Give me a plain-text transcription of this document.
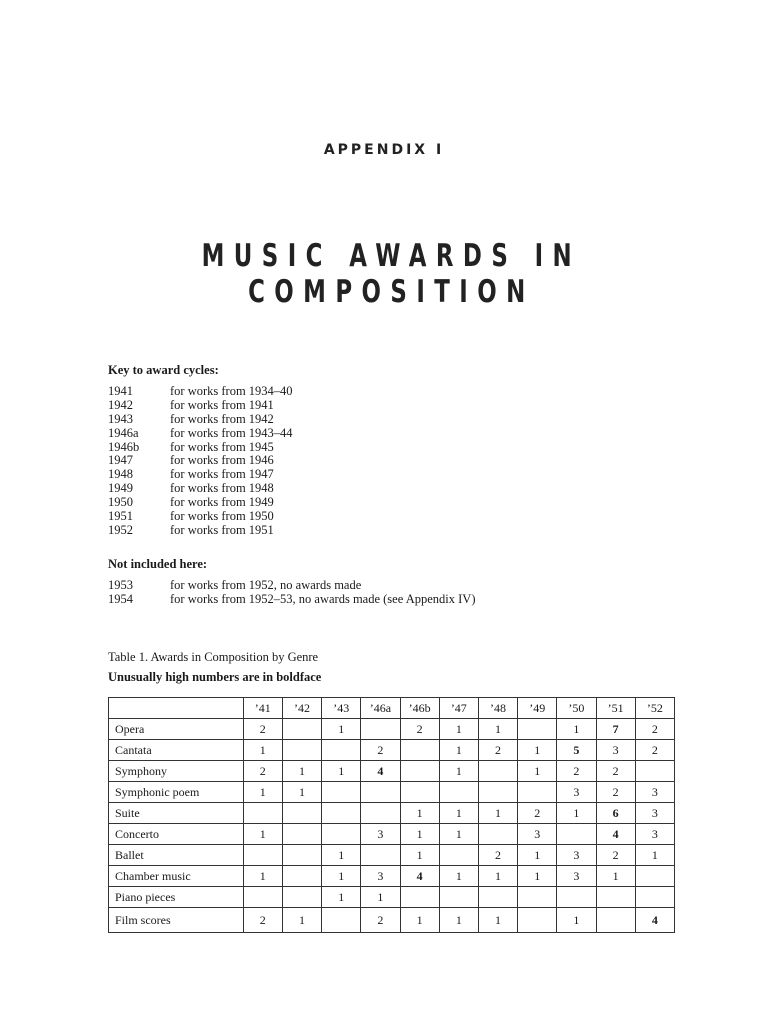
APPENDIX I
MUSIC AWARDS IN COMPOSITION
Key to award cycles:
1941	for works from 1934–40
1942	for works from 1941
1943	for works from 1942
1946a	for works from 1943–44
1946b	for works from 1945
1947	for works from 1946
1948	for works from 1947
1949	for works from 1948
1950	for works from 1949
1951	for works from 1950
1952	for works from 1951
Not included here:
1953	for works from 1952, no awards made
1954	for works from 1952–53, no awards made (see Appendix IV)
Table 1. Awards in Composition by Genre
Unusually high numbers are in boldface
	’41	’42	’43	’46a	’46b	’47	’48	’49	’50	’51	’52
Opera	2		1		2	1	1		1	7	2
Cantata	1			2		1	2	1	5	3	2
Symphony	2	1	1	4		1		1	2	2	
Symphonic poem	1	1							3	2	3
Suite					1	1	1	2	1	6	3
Concerto	1			3	1	1		3		4	3
Ballet			1		1		2	1	3	2	1
Chamber music	1		1	3	4	1	1	1	3	1	
Piano pieces			1	1							
Film scores	2	1		2	1	1	1		1		4
